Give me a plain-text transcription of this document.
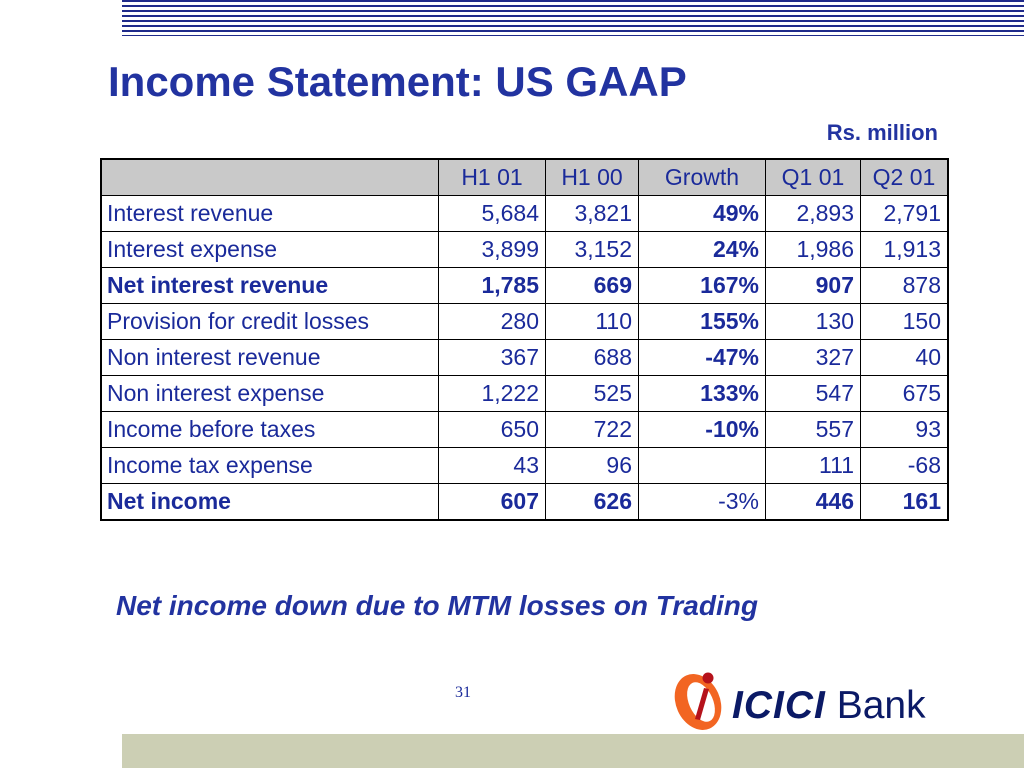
Income Statement: US GAAP
Rs. million
	H1 01	H1 00	Growth	Q1 01	Q2 01
Interest revenue	5,684	3,821	49%	2,893	2,791
Interest expense	3,899	3,152	24%	1,986	1,913
Net interest revenue	1,785	669	167%	907	878
Provision for credit losses	280	110	155%	130	150
Non interest revenue	367	688	-47%	327	40
Non interest expense	1,222	525	133%	547	675
Income before taxes	650	722	-10%	557	93
Income tax expense	43	96		111	-68
Net income	607	626	-3%	446	161
Net income down due to MTM losses on Trading
31	ICICI Bank
